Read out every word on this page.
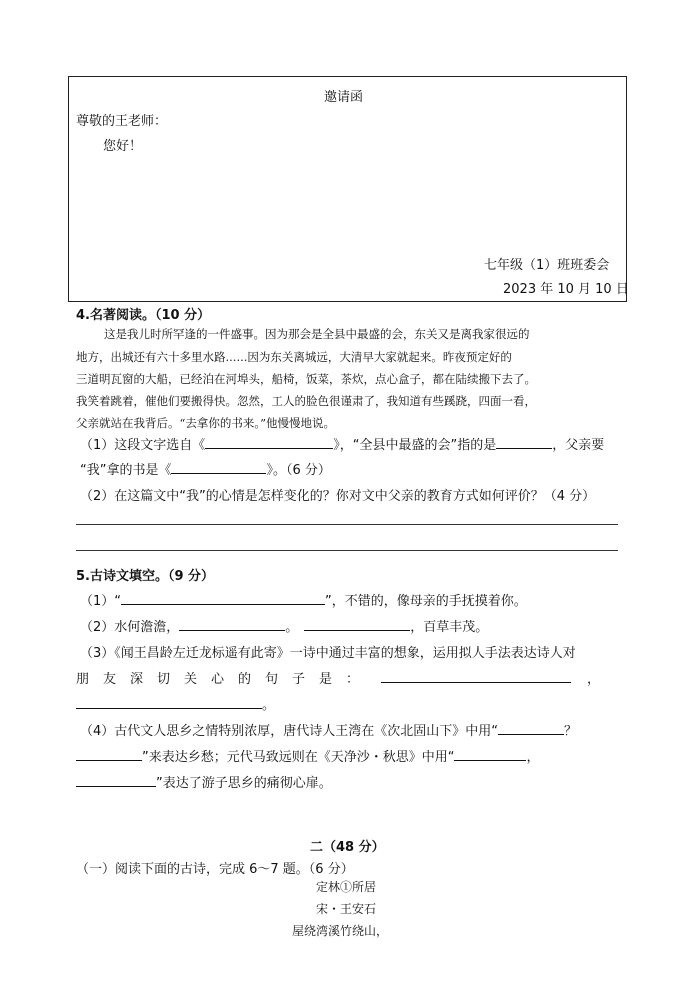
邀请函
尊敬的王老师：
您好！
七年级（1）班班委会
2023 年 10 月 10 日
4.名著阅读。（10 分）
这是我儿时所罕逢的一件盛事。因为那会是全县中最盛的会，东关又是离我家很远的
地方，出城还有六十多里水路......因为东关离城远，大清早大家就起来。昨夜预定好的
三道明瓦窗的大船，已经泊在河埠头，船椅，饭菜，茶炊，点心盒子，都在陆续搬下去了。
我笑着跳着，催他们要搬得快。忽然，工人的脸色很谨肃了，我知道有些蹊跷，四面一看，
父亲就站在我背后。“去拿你的书来。”他慢慢地说。
（1）这段文字选自《	》，“全县中最盛的会”指的是	，父亲要
“我”拿的书是《	》。（6 分）
（2）在这篇文中“我”的心情是怎样变化的？你对文中父亲的教育方式如何评价？（4 分）
5.古诗文填空。（9 分）
（1）“	”，不错的，像母亲的手抚摸着你。
（2）水何澹澹，	。	，百草丰茂。
（3）《闻王昌龄左迁龙标遥有此寄》一诗中通过丰富的想象，运用拟人手法表达诗人对
朋友深切关心的句子是：	，
。
（4）古代文人思乡之情特别浓厚，唐代诗人王湾在《次北固山下》中用“	？
”来表达乡愁；元代马致远则在《天净沙・秋思》中用“	，
”表达了游子思乡的痛彻心扉。
二（48 分）
（一）阅读下面的古诗，完成 6～7 题。（6 分）
定林①所居
宋・王安石
屋绕湾溪竹绕山，
